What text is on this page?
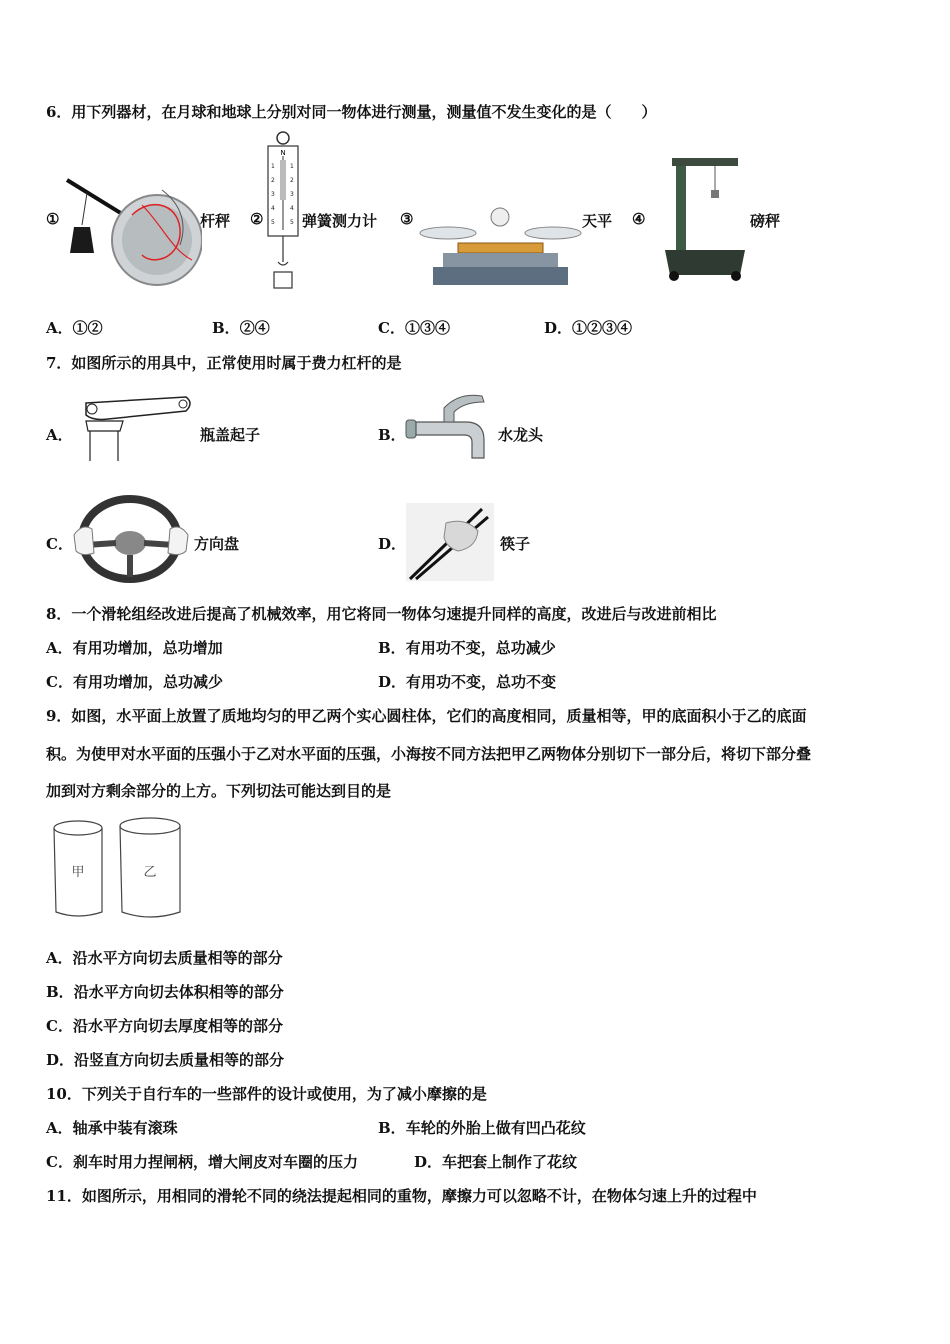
6．用下列器材，在月球和地球上分别对同一物体进行测量，测量值不发生变化的是（　　）
①	杆秤 ②
N
1
2
3
4
5
1
2
3
4
5 弹簧测力计 ③	天平 ④	磅秤
A．①②	B．②④	C．①③④	D．①②③④
7．如图所示的用具中，正常使用时属于费力杠杆的是
A．	瓶盖起子	B．	水龙头
C．	方向盘	D．	筷子
8．一个滑轮组经改进后提高了机械效率，用它将同一物体匀速提升同样的高度，改进后与改进前相比
A．有用功增加，总功增加	B．有用功不变，总功减少
C．有用功增加，总功减少	D．有用功不变，总功不变
9．如图，水平面上放置了质地均匀的甲乙两个实心圆柱体，它们的高度相同，质量相等，甲的底面积小于乙的底面
积。为使甲对水平面的压强小于乙对水平面的压强，小海按不同方法把甲乙两物体分别切下一部分后，将切下部分叠
加到对方剩余部分的上方。下列切法可能达到目的是
甲	乙
A．沿水平方向切去质量相等的部分
B．沿水平方向切去体积相等的部分
C．沿水平方向切去厚度相等的部分
D．沿竖直方向切去质量相等的部分
10．下列关于自行车的一些部件的设计或使用，为了减小摩擦的是
A．轴承中装有滚珠	B．车轮的外胎上做有凹凸花纹
C．刹车时用力捏闸柄，增大闸皮对车圈的压力	D．车把套上制作了花纹
11．如图所示，用相同的滑轮不同的绕法提起相同的重物，摩擦力可以忽略不计，在物体匀速上升的过程中
